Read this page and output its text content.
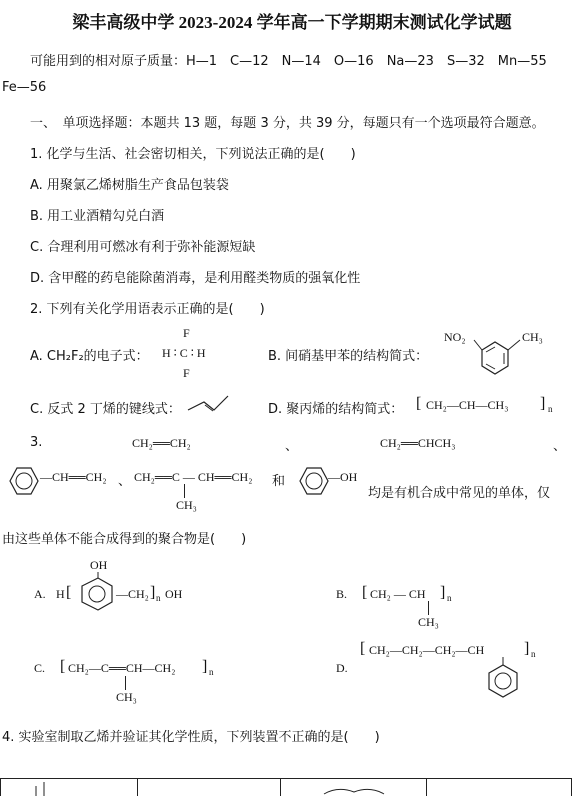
梁丰高级中学 2023-2024 学年高一下学期期末测试化学试题
可能用到的相对原子质量：H—1　C—12　N—14　O—16　Na—23　S—32　Mn—55
Fe—56
一、　单项选择题：本题共 13 题，每题 3 分，共 39 分，每题只有一个选项最符合题意。
1. 化学与生活、社会密切相关，下列说法正确的是(　　)
A. 用聚氯乙烯树脂生产食品包装袋
B. 用工业酒精勾兑白酒
C. 合理利用可燃冰有利于弥补能源短缺
D. 含甲醛的药皂能除菌消毒，是利用醛类物质的强氧化性
2. 下列有关化学用语表示正确的是(　　)
A. CH₂F₂的电子式：
F
H ∶ C ∶ H
F
B. 间硝基甲苯的结构简式：
NO₂	CH₃
C. 反式 2 丁烯的键线式：	D. 聚丙烯的结构简式： [ CH₂—CH—CH₃ ] n
3.	CH₂══CH₂	、	CH₂══CHCH₃	、
—CH══CH₂ 、 CH₂══C — CH══CH₂
CH₃
和	—OH
均是有机合成中常见的单体，仅
由这些单体不能合成得到的聚合物是(　　)
A. H [
OH
—CH₂ ] n OH	B. [ CH₂ — CH ] n
CH₃
C. [ CH₂—C══CH—CH₂ ] n
CH₃
D.
[ CH₂—CH₂—CH₂—CH ] n
4. 实验室制取乙烯并验证其化学性质，下列装置不正确的是(　　)
